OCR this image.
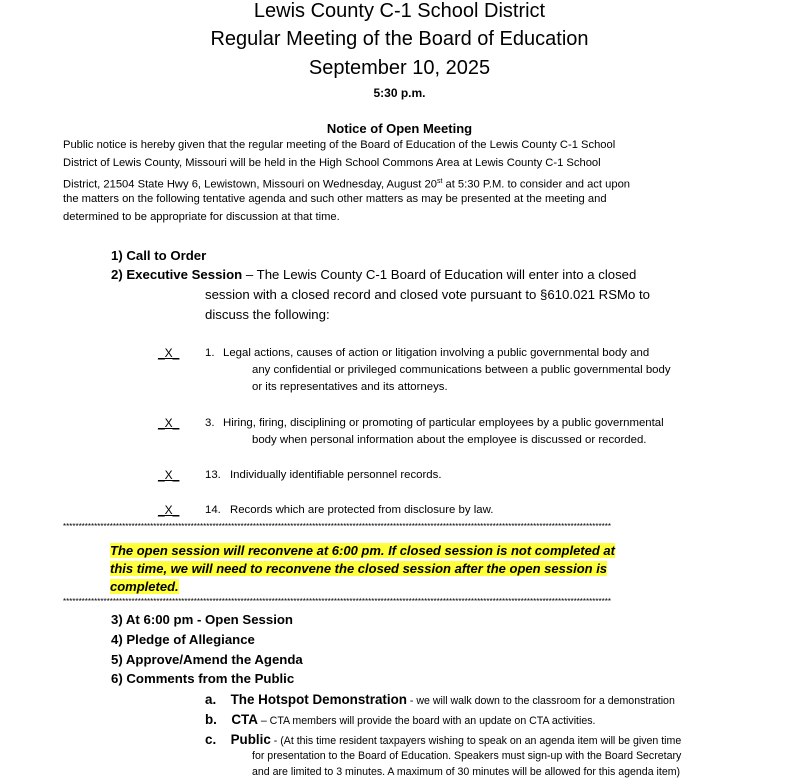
Lewis County C-1 School District
Regular Meeting of the Board of Education
September 10, 2025
5:30 p.m.
Notice of Open Meeting
Public notice is hereby given that the regular meeting of the Board of Education of the Lewis County C-1 School
District of Lewis County, Missouri will be held in the High School Commons Area at Lewis County C-1 School
District, 21504 State Hwy 6, Lewistown, Missouri on Wednesday, August 20st at 5:30 P.M. to consider and act upon
the matters on the following tentative agenda and such other matters as may be presented at the meeting and
determined to be appropriate for discussion at that time.
1) Call to Order
2) Executive Session – The Lewis County C-1 Board of Education will enter into a closed
session with a closed record and closed vote pursuant to §610.021 RSMo to
discuss the following:
_X_ 1. Legal actions, causes of action or litigation involving a public governmental body and
any confidential or privileged communications between a public governmental body
or its representatives and its attorneys.
_X_ 3. Hiring, firing, disciplining or promoting of particular employees by a public governmental
body when personal information about the employee is discussed or recorded.
_X_ 13. Individually identifiable personnel records.
_X_ 14. Records which are protected from disclosure by law.
********************************************************************************************************************************************************************************
The open session will reconvene at 6:00 pm. If closed session is not completed at
this time, we will need to reconvene the closed session after the open session is
completed.
********************************************************************************************************************************************************************************
3) At 6:00 pm - Open Session
4) Pledge of Allegiance
5) Approve/Amend the Agenda
6) Comments from the Public
a. The Hotspot Demonstration - we will walk down to the classroom for a demonstration
b. CTA – CTA members will provide the board with an update on CTA activities.
c. Public - (At this time resident taxpayers wishing to speak on an agenda item will be given time
for presentation to the Board of Education. Speakers must sign-up with the Board Secretary
and are limited to 3 minutes. A maximum of 30 minutes will be allowed for this agenda item)
